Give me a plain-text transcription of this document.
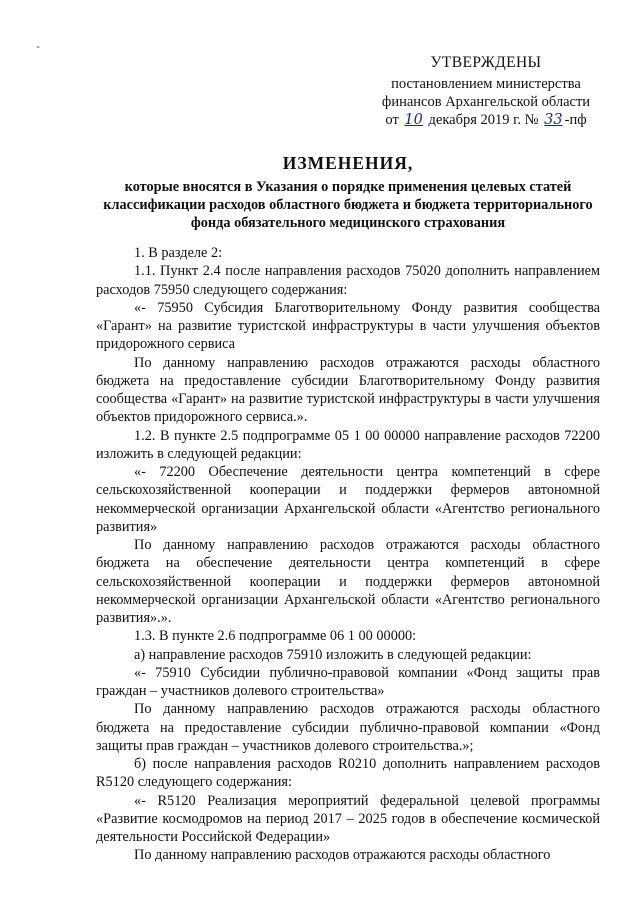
-
УТВЕРЖДЕНЫ
постановлением министерства
финансов Архангельской области
от 10 декабря 2019 г. № 33 -пф
ИЗМЕНЕНИЯ,
которые вносятся в Указания о порядке применения целевых статей классификации расходов областного бюджета и бюджета территориального фонда обязательного медицинского страхования

1. В разделе 2:

1.1. Пункт 2.4 после направления расходов 75020 дополнить направлением расходов 75950 следующего содержания:

«- 75950 Субсидия Благотворительному Фонду развития сообщества «Гарант» на развитие туристской инфраструктуры в части улучшения объектов придорожного сервиса

По данному направлению расходов отражаются расходы областного бюджета на предоставление субсидии Благотворительному Фонду развития сообщества «Гарант» на развитие туристской инфраструктуры в части улучшения объектов придорожного сервиса.».

1.2. В пункте 2.5 подпрограмме 05 1 00 00000 направление расходов 72200 изложить в следующей редакции:

«- 72200 Обеспечение деятельности центра компетенций в сфере сельскохозяйственной кооперации и поддержки фермеров автономной некоммерческой организации Архангельской области «Агентство регионального развития»

По данному направлению расходов отражаются расходы областного бюджета на обеспечение деятельности центра компетенций в сфере сельскохозяйственной кооперации и поддержки фермеров автономной некоммерческой организации Архангельской области «Агентство регионального развития».».

1.3. В пункте 2.6 подпрограмме 06 1 00 00000:

а) направление расходов 75910 изложить в следующей редакции:

«- 75910 Субсидии публично-правовой компании «Фонд защиты прав граждан – участников долевого строительства»

По данному направлению расходов отражаются расходы областного бюджета на предоставление субсидии публично-правовой компании «Фонд защиты прав граждан – участников долевого строительства.»;

б) после направления расходов R0210 дополнить направлением расходов R5120 следующего содержания:

«- R5120 Реализация мероприятий федеральной целевой программы «Развитие космодромов на период 2017 – 2025 годов в обеспечение космической деятельности Российской Федерации»

По данному направлению расходов отражаются расходы областного
